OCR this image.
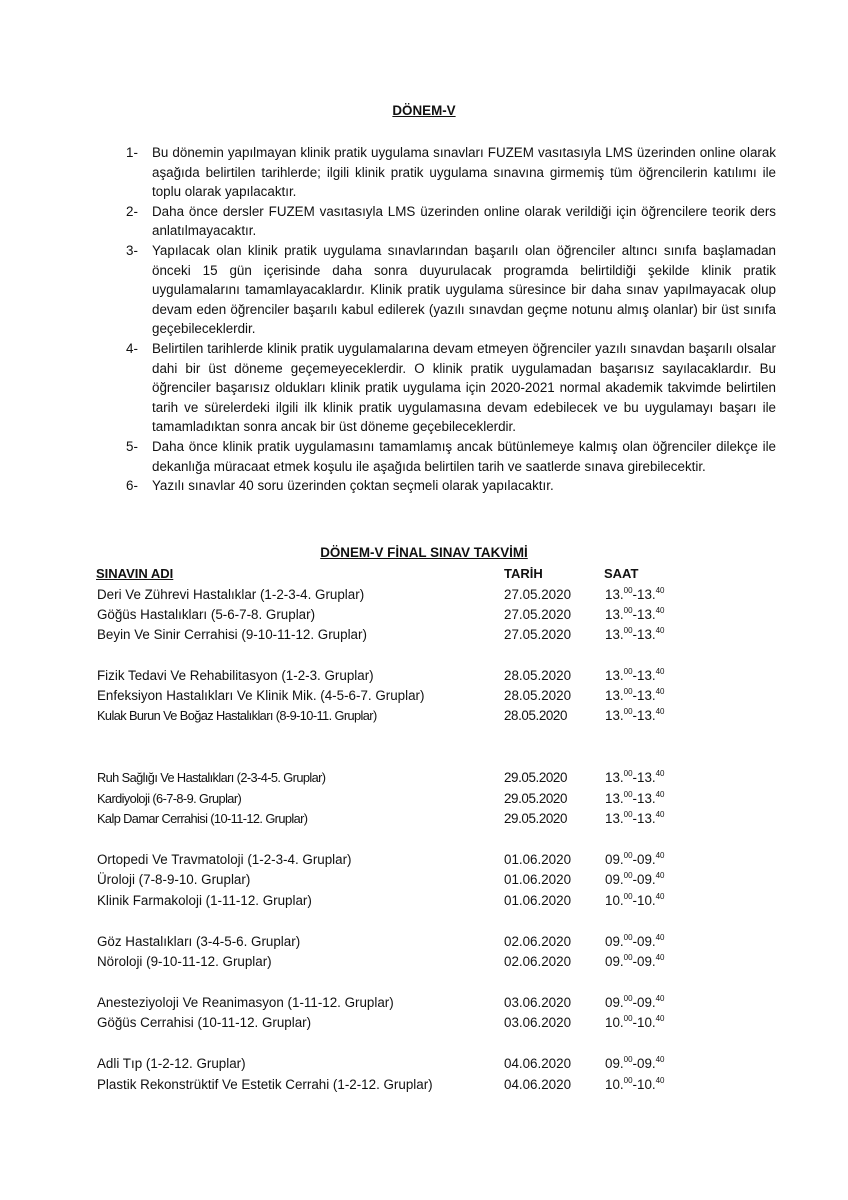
DÖNEM-V
1-	Bu dönemin yapılmayan klinik pratik uygulama sınavları FUZEM vasıtasıyla LMS üzerinden online olarak aşağıda belirtilen tarihlerde; ilgili klinik pratik uygulama sınavına girmemiş tüm öğrencilerin katılımı ile toplu olarak yapılacaktır.
2-	Daha önce dersler FUZEM vasıtasıyla LMS üzerinden online olarak verildiği için öğrencilere teorik ders anlatılmayacaktır.
3-	Yapılacak olan klinik pratik uygulama sınavlarından başarılı olan öğrenciler altıncı sınıfa başlamadan önceki 15 gün içerisinde daha sonra duyurulacak programda belirtildiği şekilde klinik pratik uygulamalarını tamamlayacaklardır. Klinik pratik uygulama süresince bir daha sınav yapılmayacak olup devam eden öğrenciler başarılı kabul edilerek (yazılı sınavdan geçme notunu almış olanlar) bir üst sınıfa geçebileceklerdir.
4-	Belirtilen tarihlerde klinik pratik uygulamalarına devam etmeyen öğrenciler yazılı sınavdan başarılı olsalar dahi bir üst döneme geçemeyeceklerdir. O klinik pratik uygulamadan başarısız sayılacaklardır. Bu öğrenciler başarısız oldukları klinik pratik uygulama için 2020-2021 normal akademik takvimde belirtilen tarih ve sürelerdeki ilgili ilk klinik pratik uygulamasına devam edebilecek ve bu uygulamayı başarı ile tamamladıktan sonra ancak bir üst döneme geçebileceklerdir.
5-	Daha önce klinik pratik uygulamasını tamamlamış ancak bütünlemeye kalmış olan öğrenciler dilekçe ile dekanlığa müracaat etmek koşulu ile aşağıda belirtilen tarih ve saatlerde sınava girebilecektir.
6-	Yazılı sınavlar 40 soru üzerinden çoktan seçmeli olarak yapılacaktır.
DÖNEM-V FİNAL SINAV TAKVİMİ
SINAVIN ADI	TARİH	SAAT
Deri Ve Zührevi Hastalıklar (1-2-3-4. Gruplar)	27.05.2020	13.00-13.40
Göğüs Hastalıkları (5-6-7-8. Gruplar)	27.05.2020	13.00-13.40
Beyin Ve Sinir Cerrahisi (9-10-11-12. Gruplar)	27.05.2020	13.00-13.40
Fizik Tedavi Ve Rehabilitasyon (1-2-3. Gruplar)	28.05.2020	13.00-13.40
Enfeksiyon Hastalıkları Ve Klinik Mik. (4-5-6-7. Gruplar)	28.05.2020	13.00-13.40
Kulak Burun Ve Boğaz Hastalıkları (8-9-10-11. Gruplar)	28.05.2020	13.00-13.40
Ruh Sağlığı Ve Hastalıkları (2-3-4-5. Gruplar)	29.05.2020	13.00-13.40
Kardiyoloji (6-7-8-9. Gruplar)	29.05.2020	13.00-13.40
Kalp Damar Cerrahisi (10-11-12. Gruplar)	29.05.2020	13.00-13.40
Ortopedi Ve Travmatoloji (1-2-3-4. Gruplar)	01.06.2020	09.00-09.40
Üroloji (7-8-9-10. Gruplar)	01.06.2020	09.00-09.40
Klinik Farmakoloji (1-11-12. Gruplar)	01.06.2020	10.00-10.40
Göz Hastalıkları (3-4-5-6. Gruplar)	02.06.2020	09.00-09.40
Nöroloji (9-10-11-12. Gruplar)	02.06.2020	09.00-09.40
Anesteziyoloji Ve Reanimasyon (1-11-12. Gruplar)	03.06.2020	09.00-09.40
Göğüs Cerrahisi (10-11-12. Gruplar)	03.06.2020	10.00-10.40
Adli Tıp (1-2-12. Gruplar)	04.06.2020	09.00-09.40
Plastik Rekonstrüktif Ve Estetik Cerrahi (1-2-12. Gruplar)	04.06.2020	10.00-10.40
